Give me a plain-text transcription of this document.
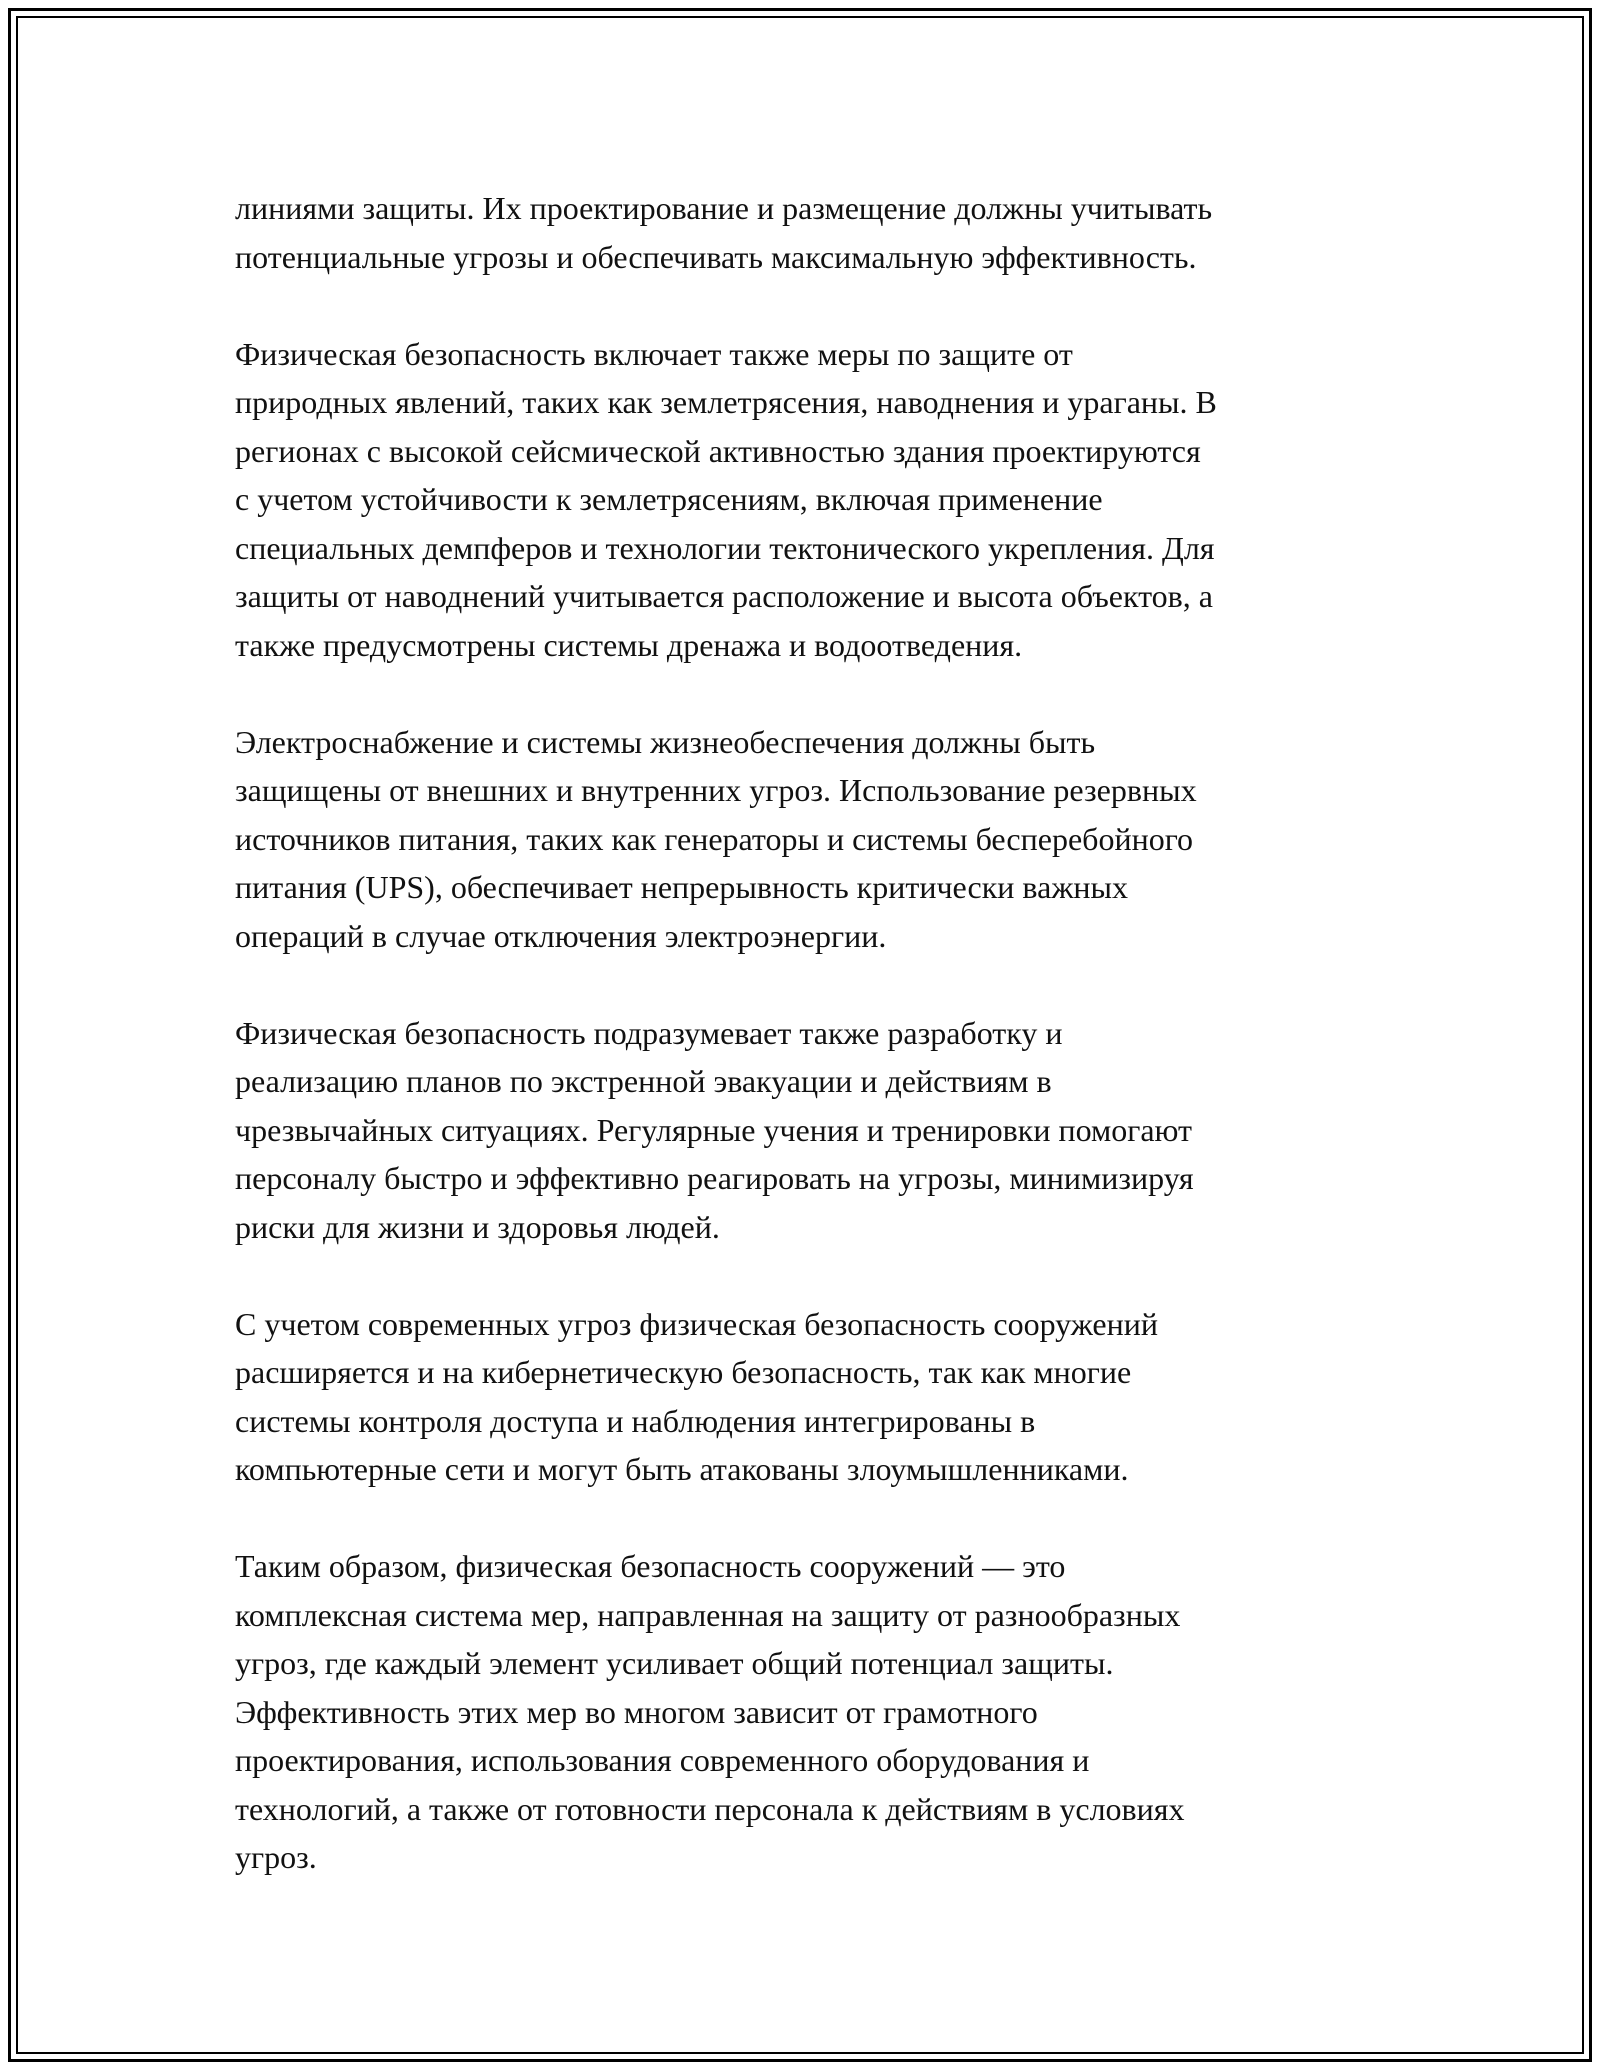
линиями защиты. Их проектирование и размещение должны учитывать
потенциальные угрозы и обеспечивать максимальную эффективность.

Физическая безопасность включает также меры по защите от
природных явлений, таких как землетрясения, наводнения и ураганы. В
регионах с высокой сейсмической активностью здания проектируются
с учетом устойчивости к землетрясениям, включая применение
специальных демпферов и технологии тектонического укрепления. Для
защиты от наводнений учитывается расположение и высота объектов, а
также предусмотрены системы дренажа и водоотведения.

Электроснабжение и системы жизнеобеспечения должны быть
защищены от внешних и внутренних угроз. Использование резервных
источников питания, таких как генераторы и системы бесперебойного
питания (UPS), обеспечивает непрерывность критически важных
операций в случае отключения электроэнергии.

Физическая безопасность подразумевает также разработку и
реализацию планов по экстренной эвакуации и действиям в
чрезвычайных ситуациях. Регулярные учения и тренировки помогают
персоналу быстро и эффективно реагировать на угрозы, минимизируя
риски для жизни и здоровья людей.

С учетом современных угроз физическая безопасность сооружений
расширяется и на кибернетическую безопасность, так как многие
системы контроля доступа и наблюдения интегрированы в
компьютерные сети и могут быть атакованы злоумышленниками.

Таким образом, физическая безопасность сооружений — это
комплексная система мер, направленная на защиту от разнообразных
угроз, где каждый элемент усиливает общий потенциал защиты.
Эффективность этих мер во многом зависит от грамотного
проектирования, использования современного оборудования и
технологий, а также от готовности персонала к действиям в условиях
угроз.
